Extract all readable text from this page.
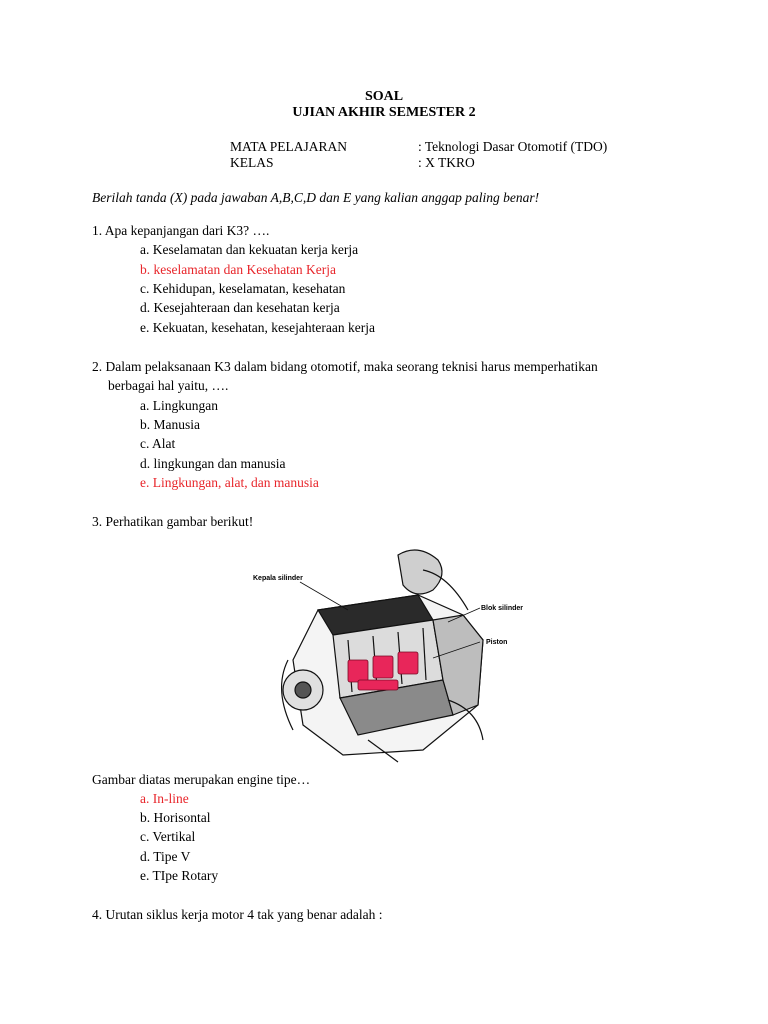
SOAL
UJIAN AKHIR SEMESTER 2
MATA PELAJARAN	: Teknologi Dasar Otomotif (TDO)
KELAS	: X TKRO
Berilah tanda (X) pada jawaban A,B,C,D dan E yang kalian anggap paling benar!
1. Apa kepanjangan dari K3? ….
a. Keselamatan dan kekuatan kerja kerja
b. keselamatan dan Kesehatan Kerja
c. Kehidupan, keselamatan, kesehatan
d. Kesejahteraan dan kesehatan kerja
e. Kekuatan, kesehatan, kesejahteraan kerja
2. Dalam pelaksanaan K3 dalam bidang otomotif, maka seorang teknisi harus memperhatikan
berbagai hal yaitu, ….
a. Lingkungan
b. Manusia
c. Alat
d. lingkungan dan manusia
e. Lingkungan, alat, dan manusia
3. Perhatikan gambar berikut!
Kepala silinder
Blok silinder
Piston
Gambar diatas merupakan engine tipe…
a. In-line
b. Horisontal
c. Vertikal
d. Tipe V
e. TIpe Rotary
4. Urutan siklus kerja motor 4 tak yang benar adalah :
